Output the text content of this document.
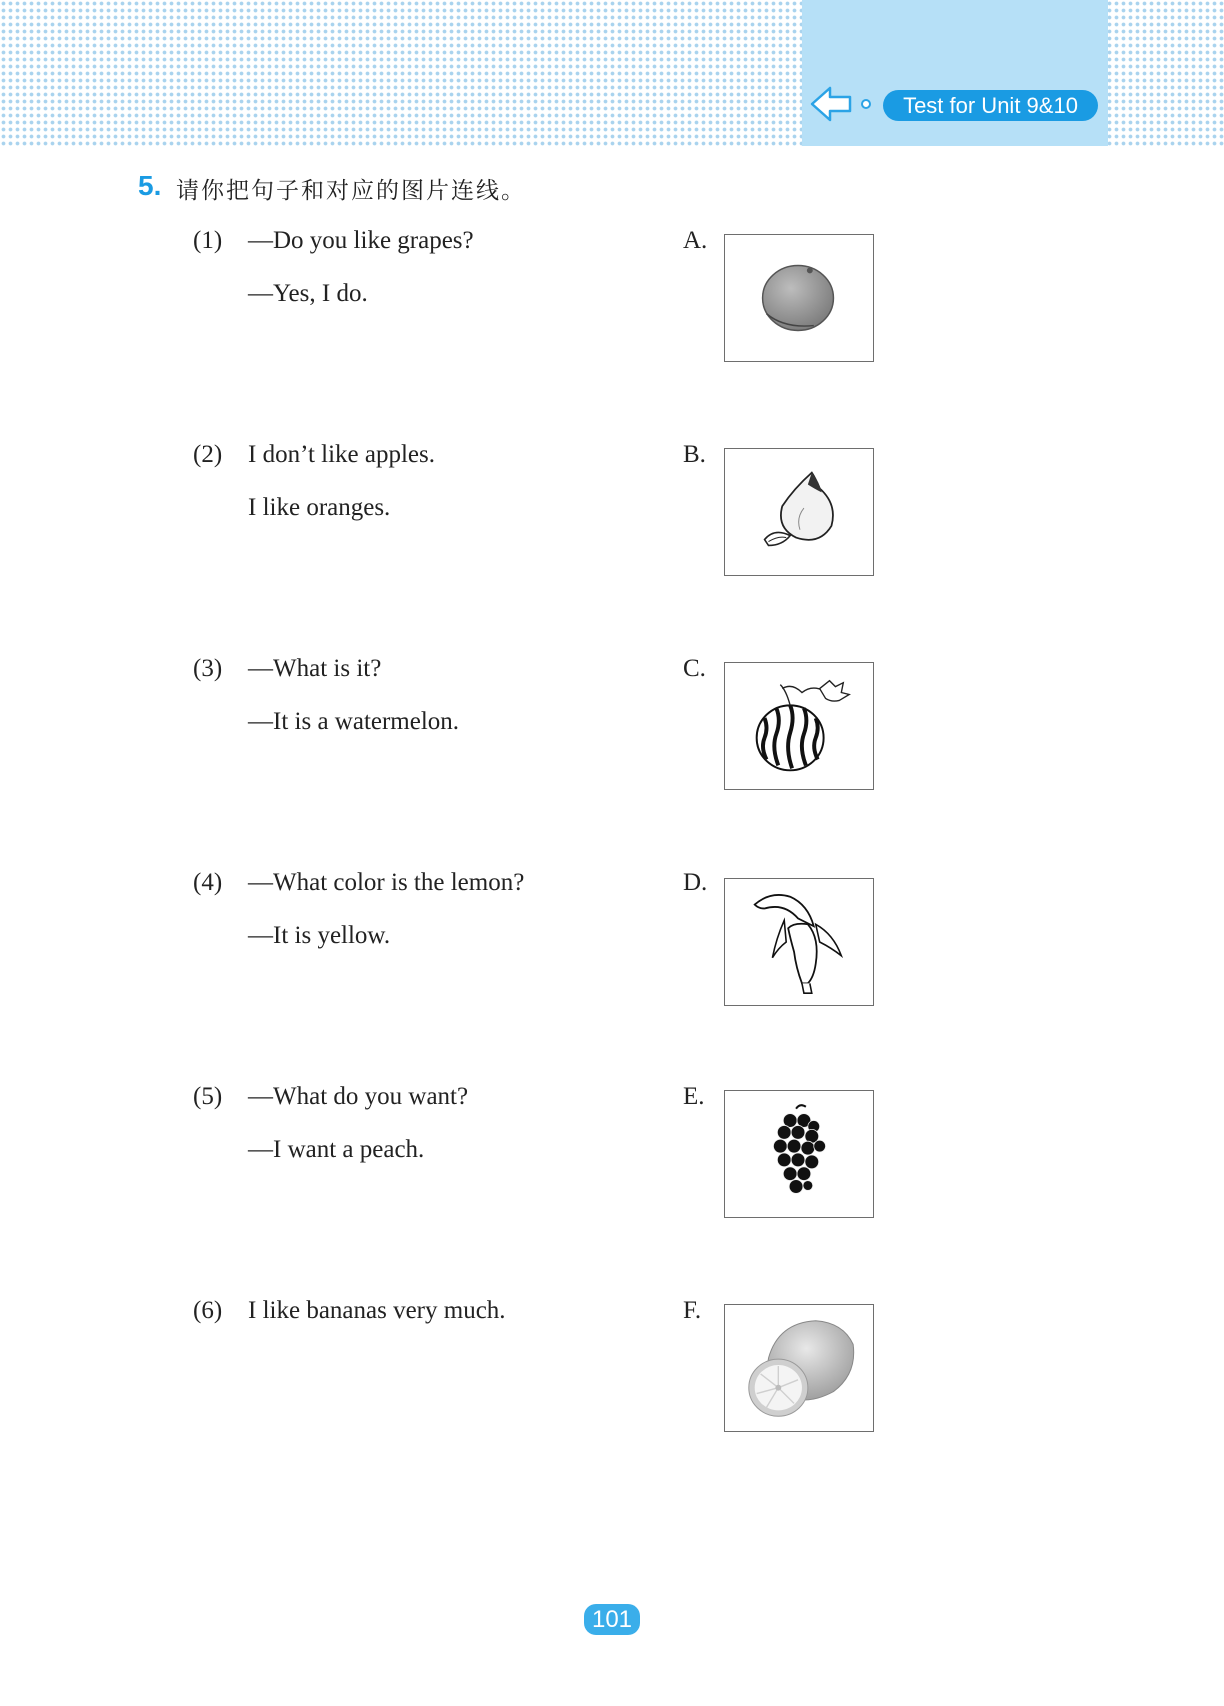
Test for Unit 9&10
5. 请你把句子和对应的图片连线。
(1) —Do you like grapes?
—Yes, I do.
(2) I don’t like apples.
I like oranges.
(3) —What is it?
—It is a watermelon.
(4) —What color is the lemon?
—It is yellow.
(5) —What do you want?
—I want a peach.
(6) I like bananas very much.
A.
B.
C.
D.
E.
F.
101
